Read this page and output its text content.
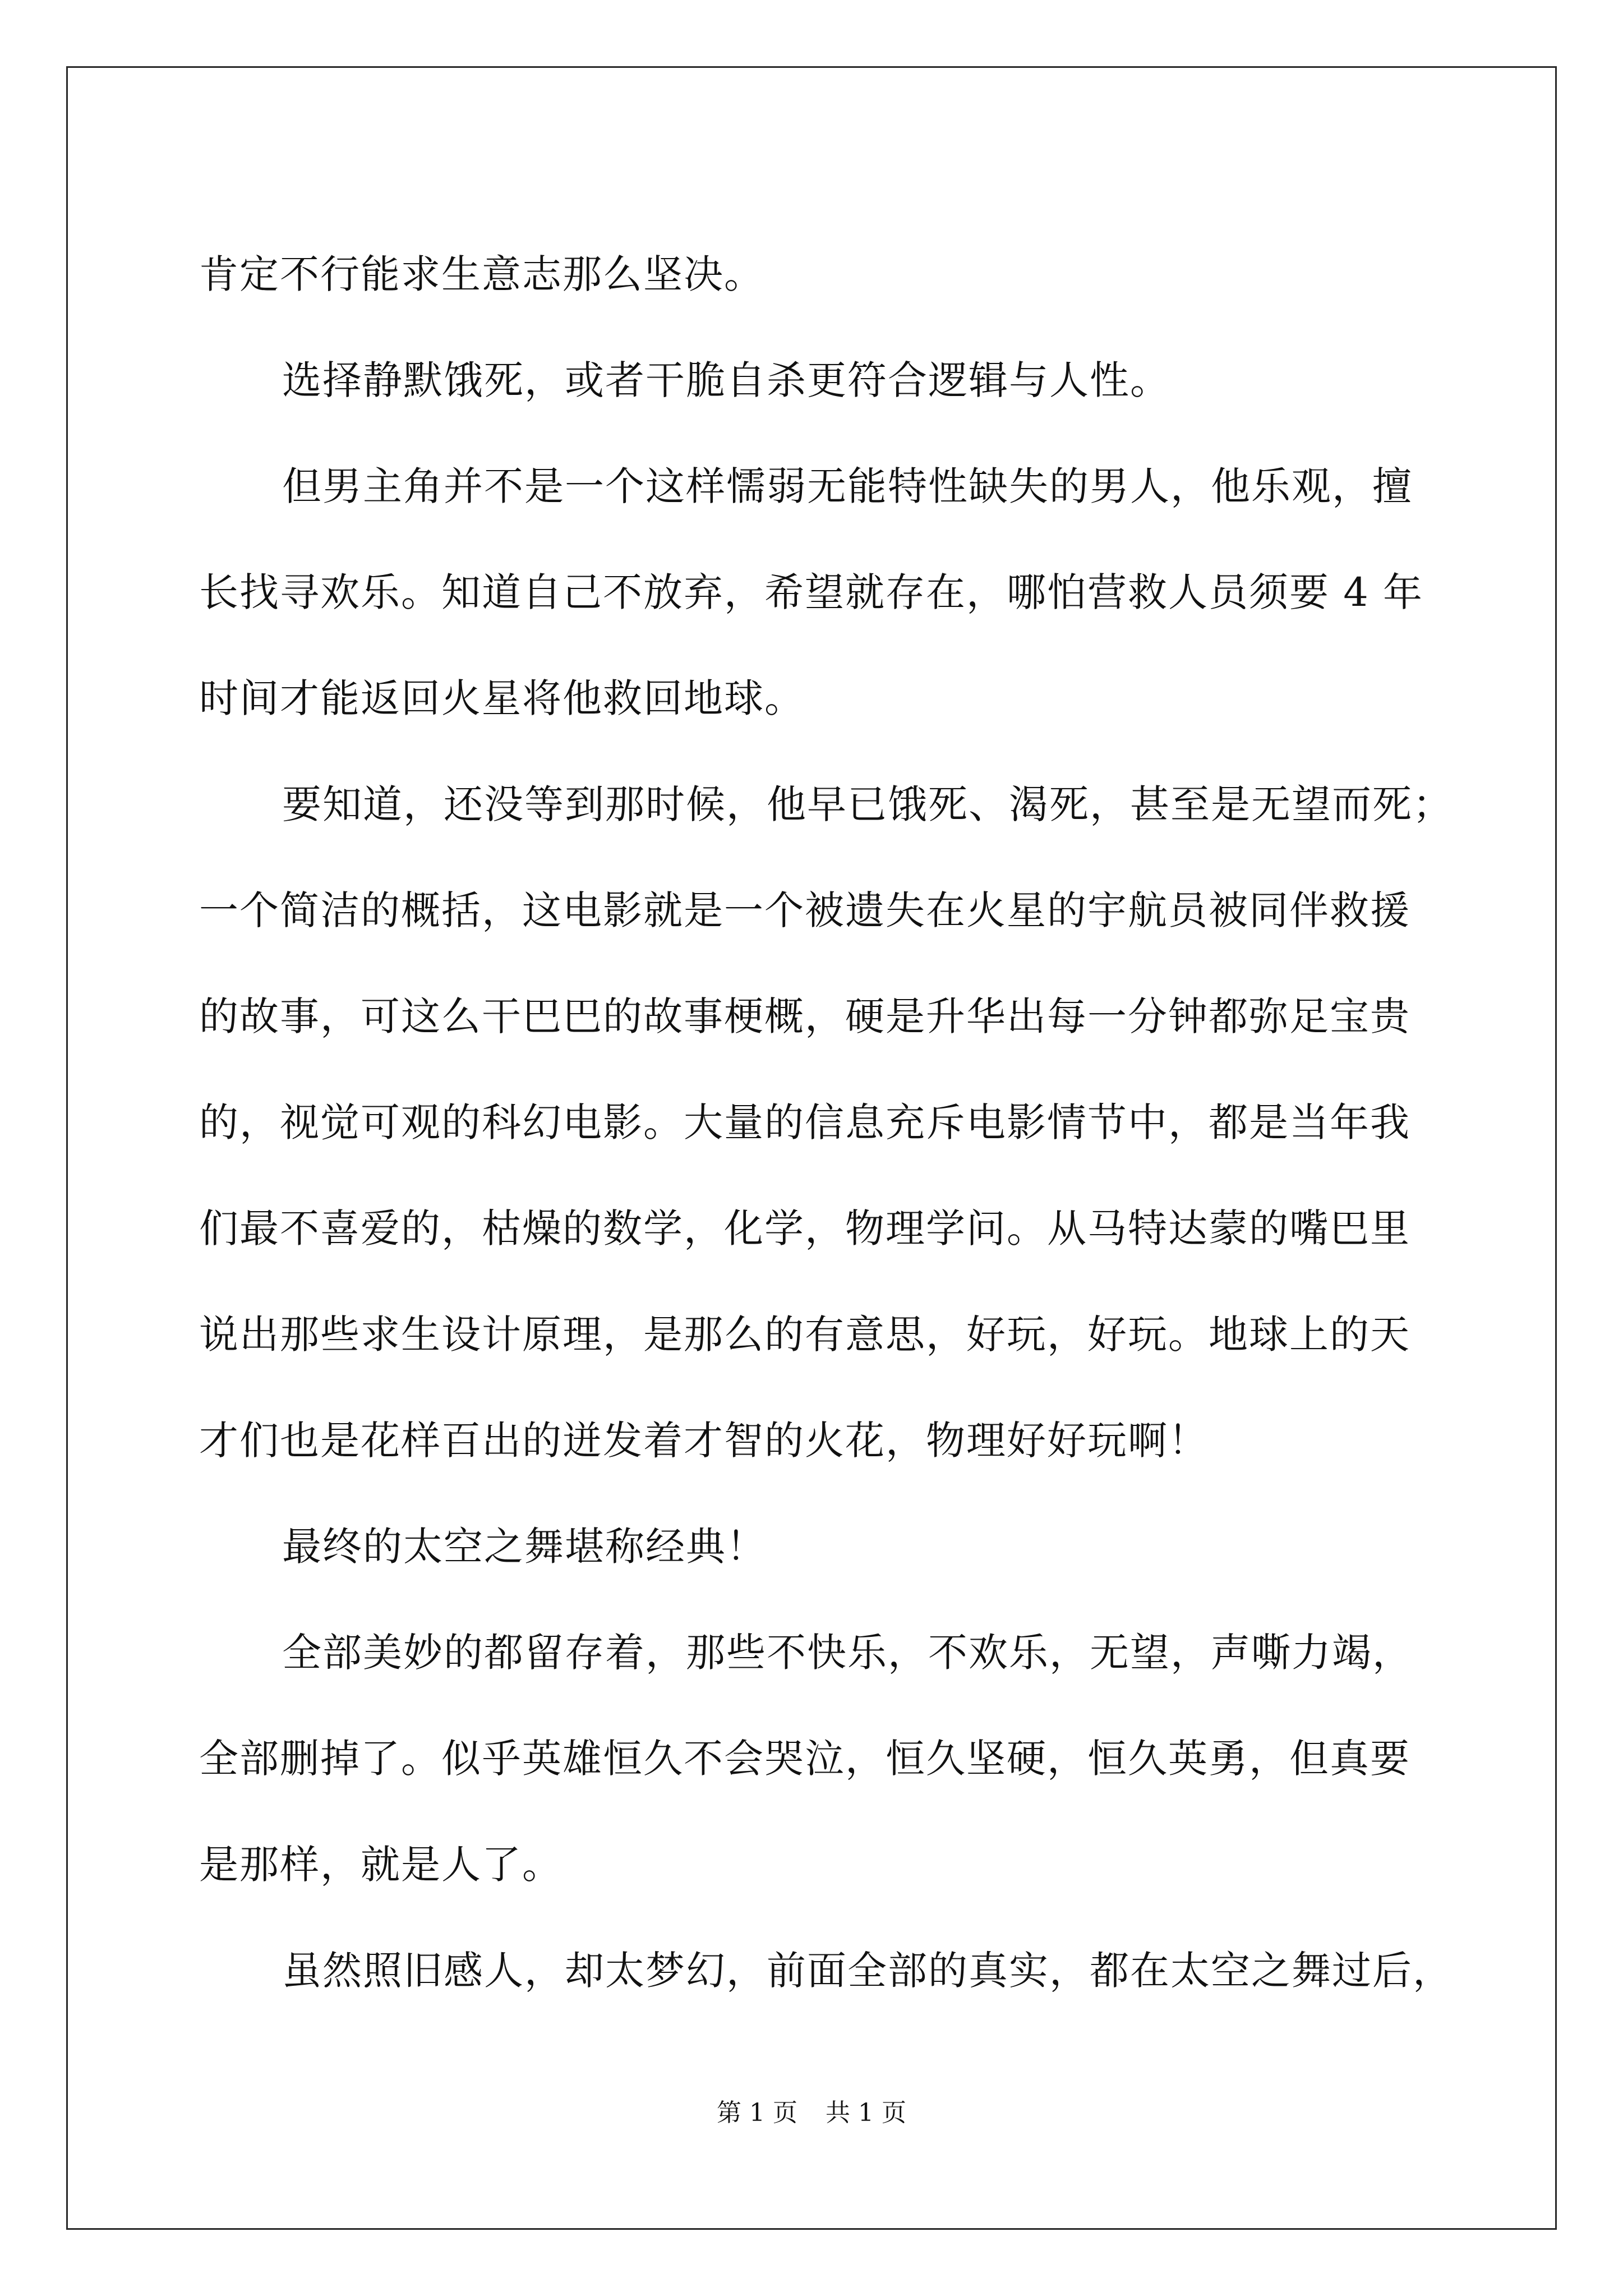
肯定不行能求生意志那么坚决。
选择静默饿死，或者干脆自杀更符合逻辑与人性。
但男主角并不是一个这样懦弱无能特性缺失的男人，他乐观，擅
长找寻欢乐。知道自己不放弃，希望就存在，哪怕营救人员须要 4 年
时间才能返回火星将他救回地球。
要知道，还没等到那时候，他早已饿死、渴死，甚至是无望而死；
一个简洁的概括，这电影就是一个被遗失在火星的宇航员被同伴救援
的故事，可这么干巴巴的故事梗概，硬是升华出每一分钟都弥足宝贵
的，视觉可观的科幻电影。大量的信息充斥电影情节中，都是当年我
们最不喜爱的，枯燥的数学，化学，物理学问。从马特达蒙的嘴巴里
说出那些求生设计原理，是那么的有意思，好玩，好玩。地球上的天
才们也是花样百出的迸发着才智的火花，物理好好玩啊！
最终的太空之舞堪称经典！
全部美妙的都留存着，那些不快乐，不欢乐，无望，声嘶力竭，
全部删掉了。似乎英雄恒久不会哭泣，恒久坚硬，恒久英勇，但真要
是那样，就是人了。
虽然照旧感人，却太梦幻，前面全部的真实，都在太空之舞过后，
第 1 页 共 1 页
